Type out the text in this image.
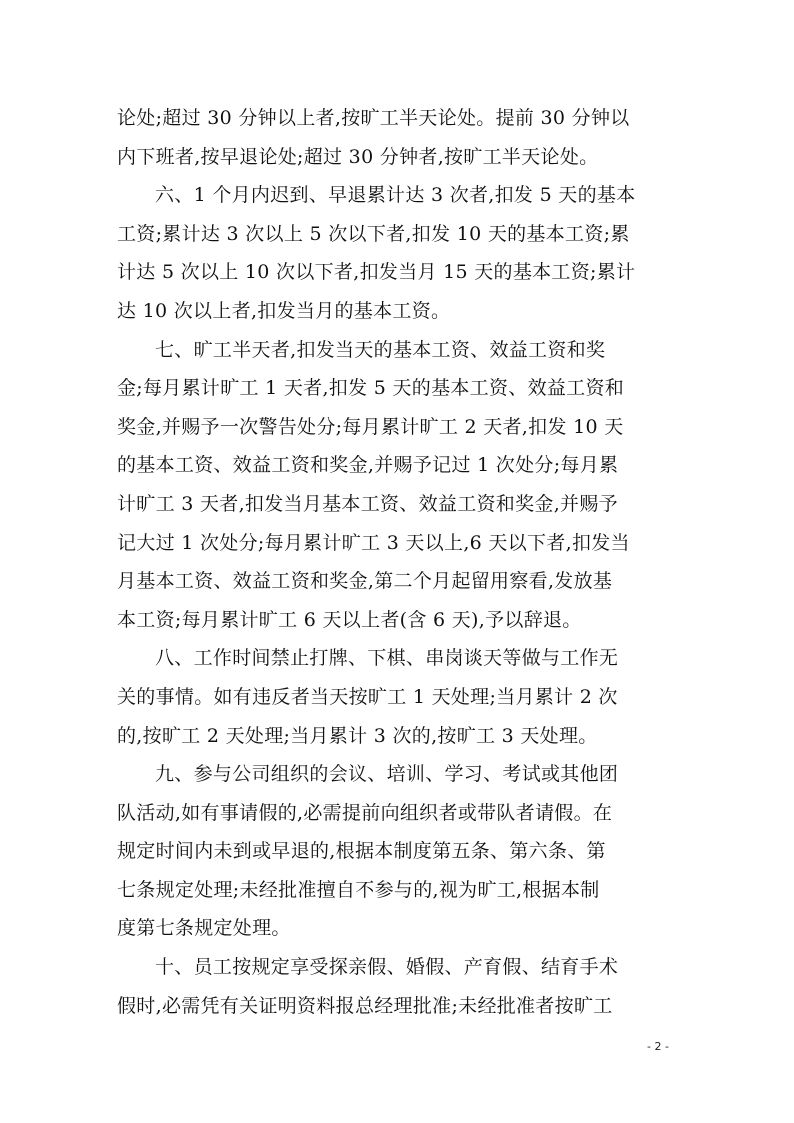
论处;超过 30 分钟以上者,按旷工半天论处。提前 30 分钟以
内下班者,按早退论处;超过 30 分钟者,按旷工半天论处。
六、1 个月内迟到、早退累计达 3 次者,扣发 5 天的基本
工资;累计达 3 次以上 5 次以下者,扣发 10 天的基本工资;累
计达 5 次以上 10 次以下者,扣发当月 15 天的基本工资;累计
达 10 次以上者,扣发当月的基本工资。
七、旷工半天者,扣发当天的基本工资、效益工资和奖
金;每月累计旷工 1 天者,扣发 5 天的基本工资、效益工资和
奖金,并赐予一次警告处分;每月累计旷工 2 天者,扣发 10 天
的基本工资、效益工资和奖金,并赐予记过 1 次处分;每月累
计旷工 3 天者,扣发当月基本工资、效益工资和奖金,并赐予
记大过 1 次处分;每月累计旷工 3 天以上,6 天以下者,扣发当
月基本工资、效益工资和奖金,第二个月起留用察看,发放基
本工资;每月累计旷工 6 天以上者(含 6 天),予以辞退。
八、工作时间禁止打牌、下棋、串岗谈天等做与工作无
关的事情。如有违反者当天按旷工 1 天处理;当月累计 2 次
的,按旷工 2 天处理;当月累计 3 次的,按旷工 3 天处理。
九、参与公司组织的会议、培训、学习、考试或其他团
队活动,如有事请假的,必需提前向组织者或带队者请假。在
规定时间内未到或早退的,根据本制度第五条、第六条、第
七条规定处理;未经批准擅自不参与的,视为旷工,根据本制
度第七条规定处理。
十、员工按规定享受探亲假、婚假、产育假、结育手术
假时,必需凭有关证明资料报总经理批准;未经批准者按旷工
- 2 -
